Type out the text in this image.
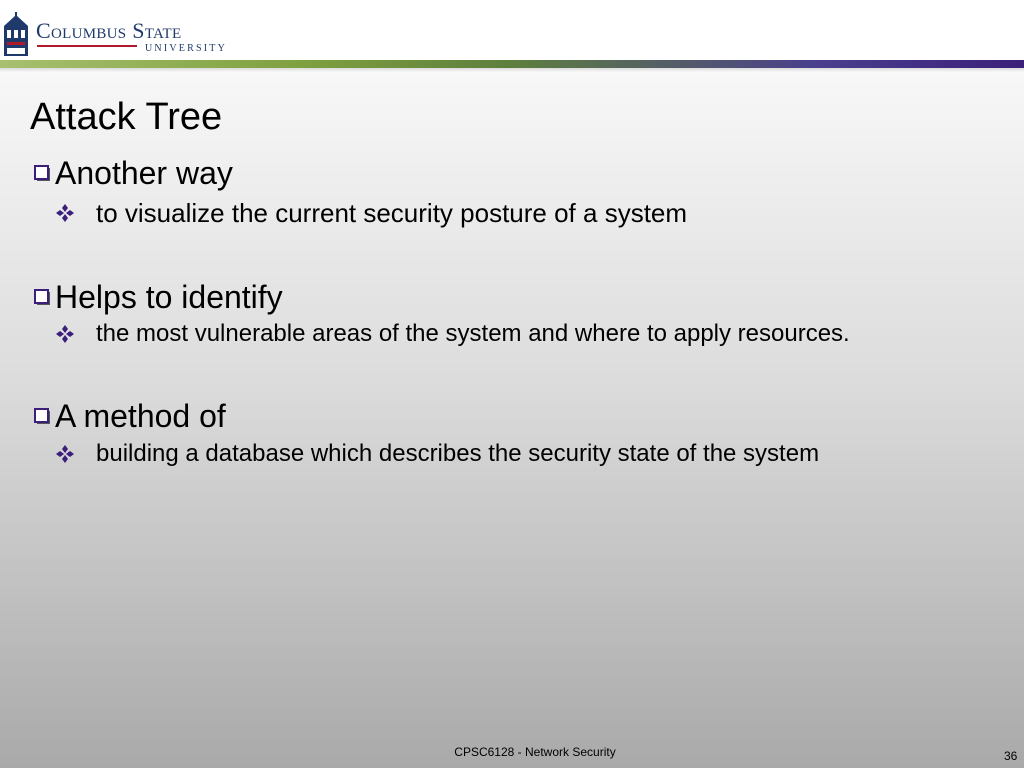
Columbus State
UNIVERSITY
Attack Tree
Another way
to visualize the current security posture of a system
Helps to identify
the most vulnerable areas of the system and where to apply resources.
A method of
building a database which describes the security state of the system
CPSC6128 - Network Security	36
